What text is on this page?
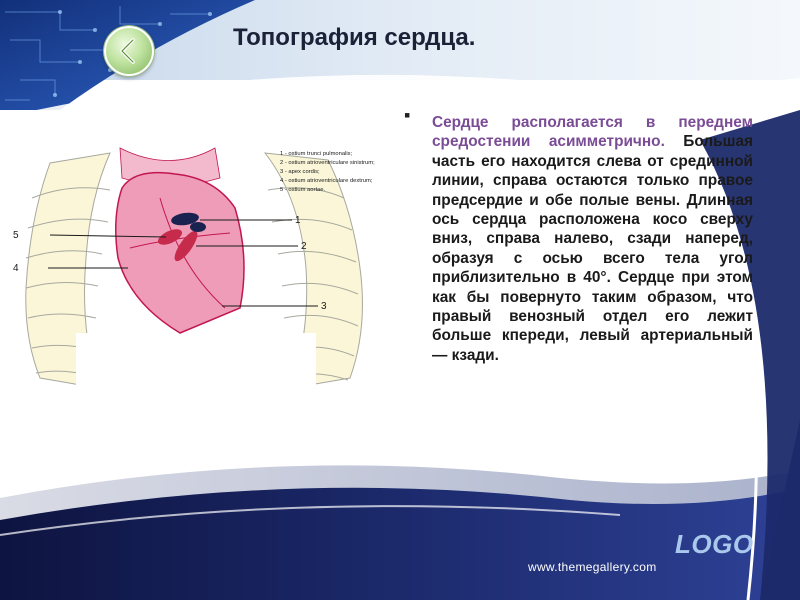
Топография сердца.
1
2
3
4
5
1 - ostium trunci pulmonalis;
2 - ostium atrioventriculare sinistrum;
3 - apex cordis;
4 - ostium atrioventriculare dextrum;
5 - ostium aortae.
▪ Сердце располагается в переднем средостении асимметрично. Большая часть его находится слева от срединной линии, справа остаются только правое предсердие и обе полые вены. Длинная ось сердца расположена косо сверху вниз, справа налево, сзади наперед, образуя с осью всего тела угол приблизительно в 40°. Сердце при этом как бы повернуто таким образом, что правый венозный отдел его лежит больше кпереди, левый артериальный — кзади.

LOGO
www.themegallery.com
